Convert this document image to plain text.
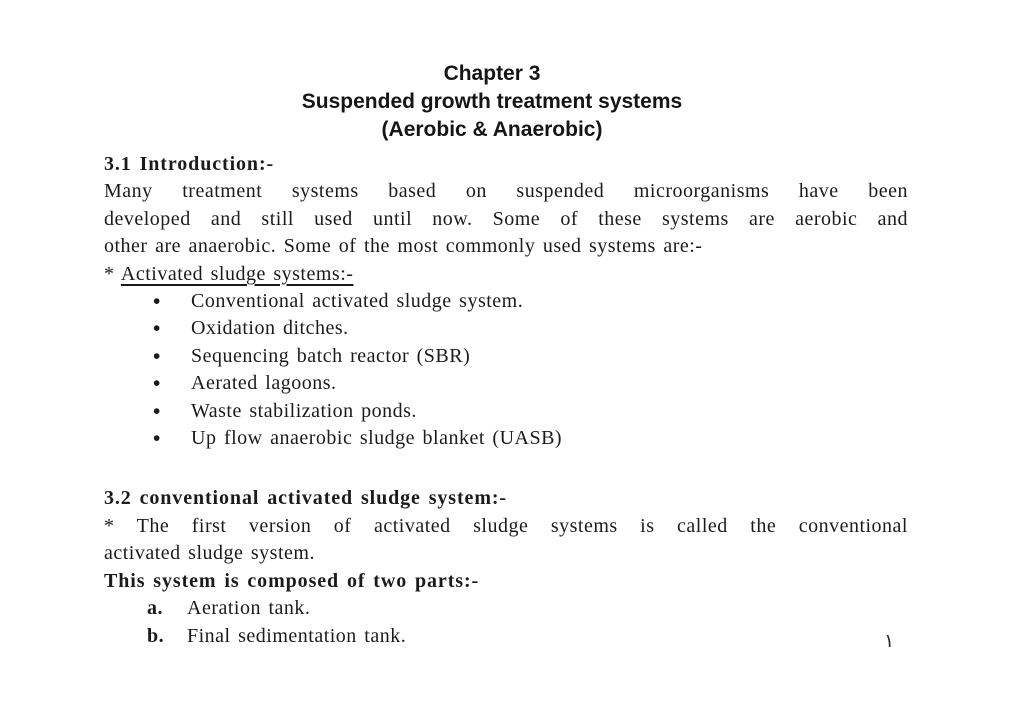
Chapter 3
Suspended growth treatment systems
(Aerobic & Anaerobic)
3.1 Introduction:-
Many treatment systems based on suspended microorganisms have been
developed and still used until now. Some of these systems are aerobic and
other are anaerobic. Some of the most commonly used systems are:-
* Activated sludge systems:-
•	Conventional activated sludge system.
•	Oxidation ditches.
•	Sequencing batch reactor (SBR)
•	Aerated lagoons.
•	Waste stabilization ponds.
•	Up flow anaerobic sludge blanket (UASB)
3.2 conventional activated sludge system:-
* The first version of activated sludge systems is called the conventional
activated sludge system.
This system is composed of two parts:-
a.	Aeration tank.
b.	Final sedimentation tank.	١
